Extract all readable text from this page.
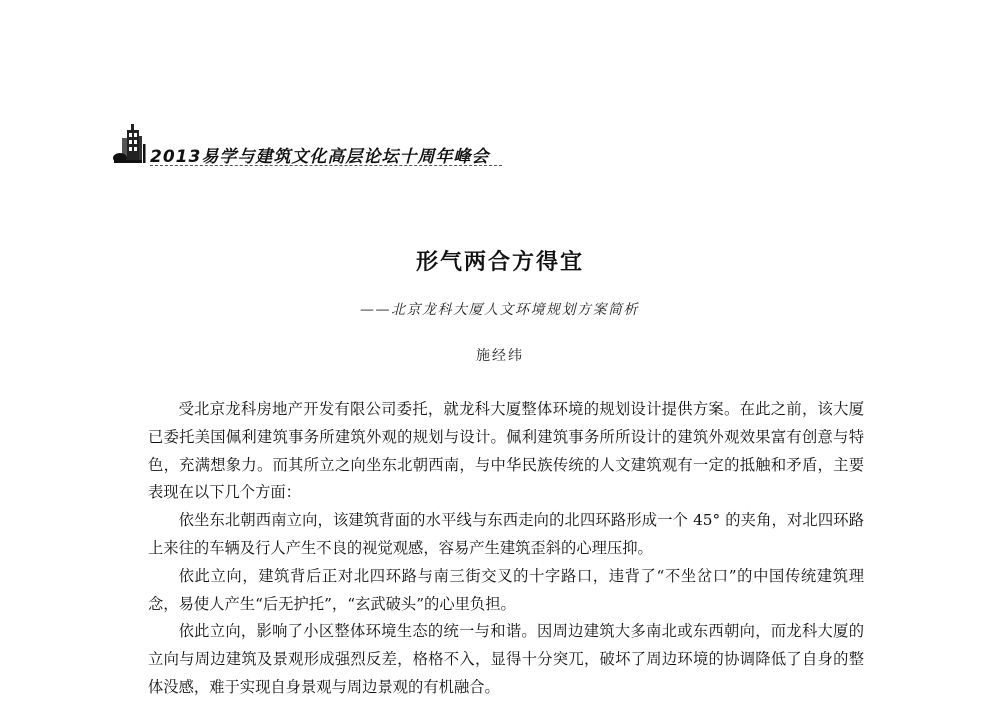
2013易学与建筑文化高层论坛十周年峰会
形气两合方得宜
——北京龙科大厦人文环境规划方案简析
施经纬

受北京龙科房地产开发有限公司委托，就龙科大厦整体环境的规划设计提供方案。在此之前，该大厦已委托美国佩利建筑事务所建筑外观的规划与设计。佩利建筑事务所所设计的建筑外观效果富有创意与特色，充满想象力。而其所立之向坐东北朝西南，与中华民族传统的人文建筑观有一定的抵触和矛盾，主要表现在以下几个方面：

依坐东北朝西南立向，该建筑背面的水平线与东西走向的北四环路形成一个 45° 的夹角，对北四环路上来往的车辆及行人产生不良的视觉观感，容易产生建筑歪斜的心理压抑。

依此立向，建筑背后正对北四环路与南三街交叉的十字路口，违背了“不坐岔口”的中国传统建筑理念，易使人产生“后无护托”，“玄武破头”的心里负担。

依此立向，影响了小区整体环境生态的统一与和谐。因周边建筑大多南北或东西朝向，而龙科大厦的立向与周边建筑及景观形成强烈反差，格格不入，显得十分突兀，破坏了周边环境的协调降低了自身的整体没感，难于实现自身景观与周边景观的有机融合。
